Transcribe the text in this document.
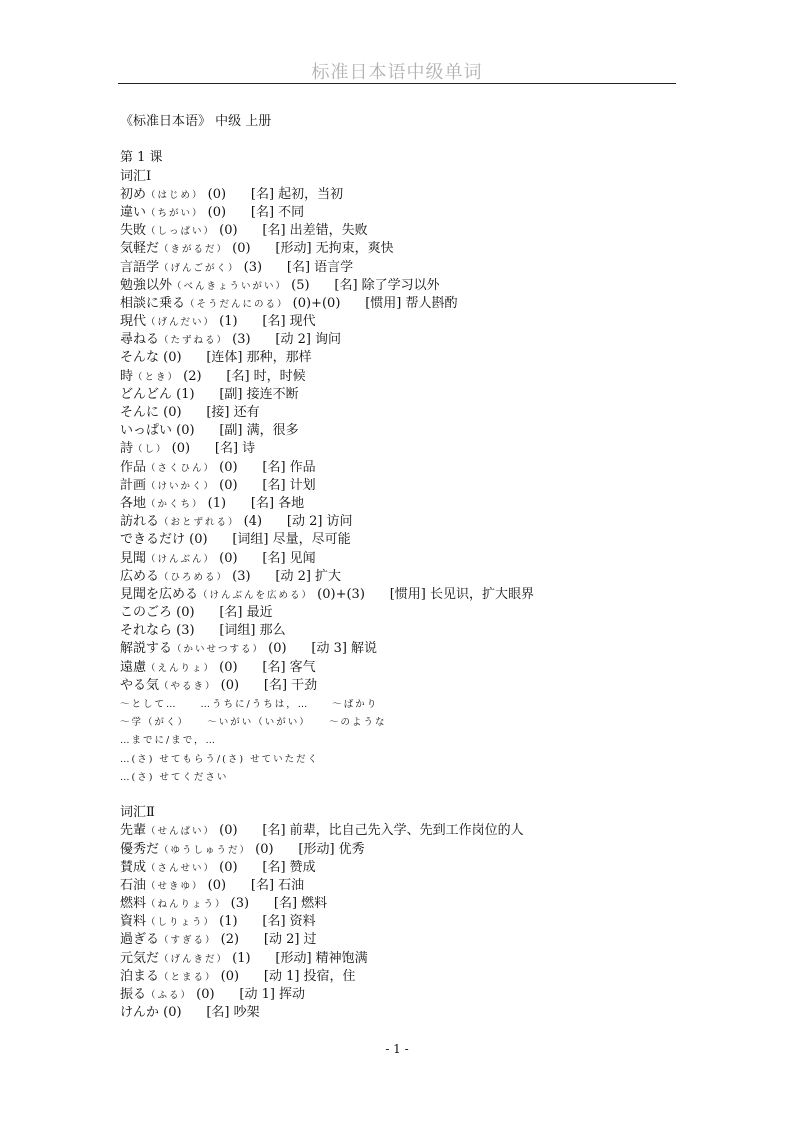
标准日本语中级单词
《标准日本语》 中级 上册
第 1 课
词汇Ⅰ
初め（はじめ） (0) [名] 起初，当初
違い（ちがい） (0) [名] 不同
失敗（しっぱい） (0) [名] 出差错，失败
気軽だ（きがるだ） (0) [形动] 无拘束，爽快
言語学（げんごがく） (3) [名] 语言学
勉強以外（べんきょういがい） (5) [名] 除了学习以外
相談に乗る（そうだんにのる） (0)+(0) [惯用] 帮人斟酌
現代（げんだい） (1) [名] 现代
尋ねる（たずねる） (3) [动 2] 询问
そんな (0) [连体] 那种，那样
時（とき） (2) [名] 时，时候
どんどん (1) [副] 接连不断
そんに (0) [接] 还有
いっぱい (0) [副] 满，很多
詩（し） (0) [名] 诗
作品（さくひん） (0) [名] 作品
計画（けいかく） (0) [名] 计划
各地（かくち） (1) [名] 各地
訪れる（おとずれる） (4) [动 2] 访问
できるだけ (0) [词组] 尽量，尽可能
見聞（けんぶん） (0) [名] 见闻
広める（ひろめる） (3) [动 2] 扩大
見聞を広める（けんぶんを広める） (0)+(3) [惯用] 长见识，扩大眼界
このごろ (0) [名] 最近
それなら (3) [词组] 那么
解説する（かいせつする） (0) [动 3] 解说
遠慮（えんりょ） (0) [名] 客气
やる気（やるき） (0) [名] 干劲
～として…　　…うちに/うちは，…　　～ばかり
～学（がく）　　～いがい（いがい）　　～のような
…までに/まで，…
…(さ) せてもらう/(さ) せていただく
…(さ) せてください
词汇Ⅱ
先輩（せんぱい） (0) [名] 前辈，比自己先入学、先到工作岗位的人
優秀だ（ゆうしゅうだ） (0) [形动] 优秀
賛成（さんせい） (0) [名] 赞成
石油（せきゆ） (0) [名] 石油
燃料（ねんりょう） (3) [名] 燃料
資料（しりょう） (1) [名] 资料
過ぎる（すぎる） (2) [动 2] 过
元気だ（げんきだ） (1) [形动] 精神饱满
泊まる（とまる） (0) [动 1] 投宿，住
振る（ふる） (0) [动 1] 挥动
けんか (0) [名] 吵架
- 1 -
